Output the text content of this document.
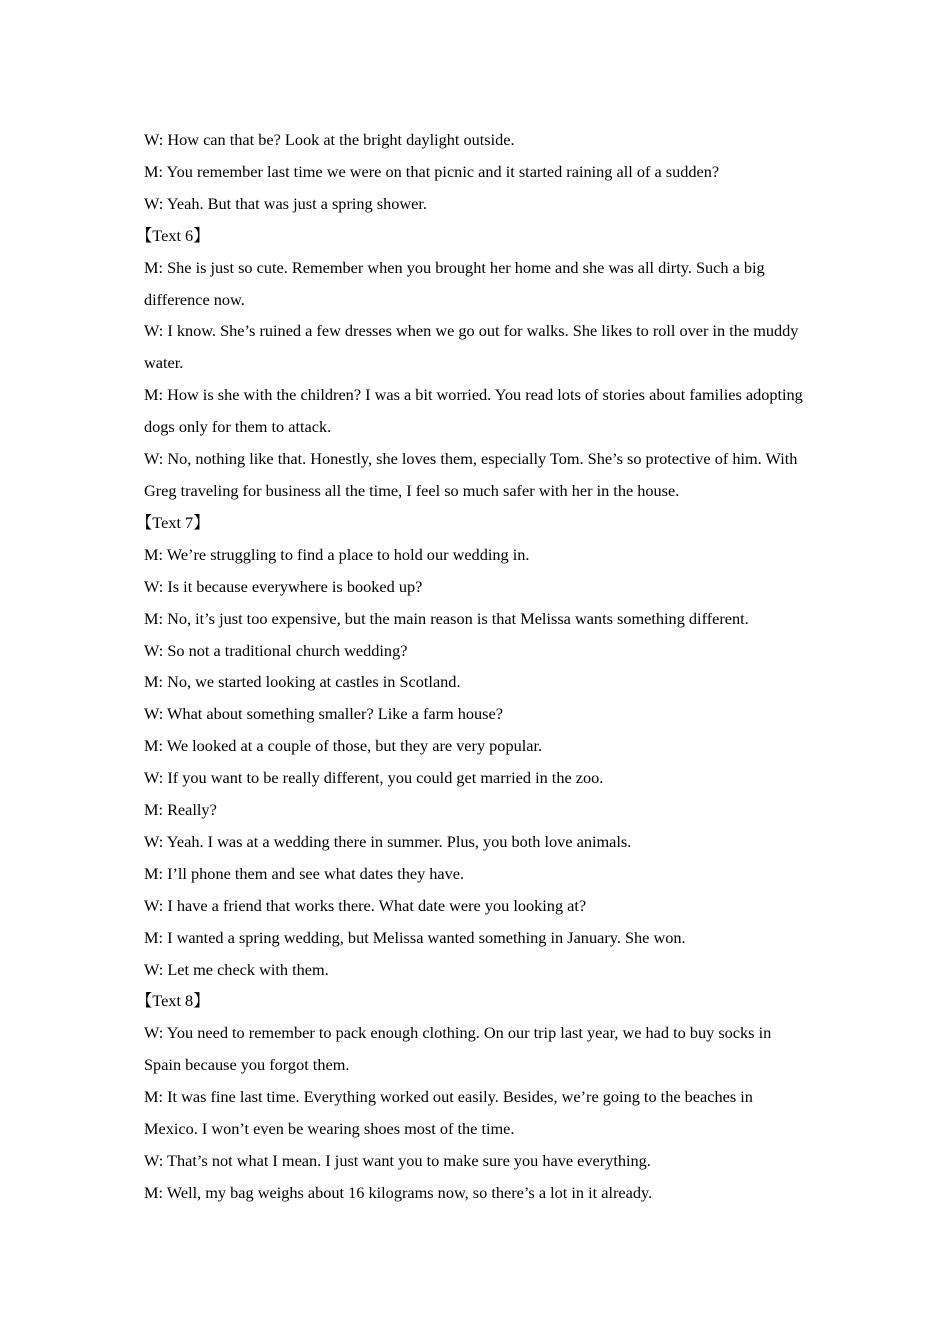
W: How can that be? Look at the bright daylight outside.

M: You remember last time we were on that picnic and it started raining all of a sudden?

W: Yeah. But that was just a spring shower.

【Text 6】

M: She is just so cute. Remember when you brought her home and she was all dirty. Such a big difference now.

W: I know. She’s ruined a few dresses when we go out for walks. She likes to roll over in the muddy water.

M: How is she with the children? I was a bit worried. You read lots of stories about families adopting dogs only for them to attack.

W: No, nothing like that. Honestly, she loves them, especially Tom. She’s so protective of him. With Greg traveling for business all the time, I feel so much safer with her in the house.

【Text 7】

M: We’re struggling to find a place to hold our wedding in.

W: Is it because everywhere is booked up?

M: No, it’s just too expensive, but the main reason is that Melissa wants something different.

W: So not a traditional church wedding?

M: No, we started looking at castles in Scotland.

W: What about something smaller? Like a farm house?

M: We looked at a couple of those, but they are very popular.

W: If you want to be really different, you could get married in the zoo.

M: Really?

W: Yeah. I was at a wedding there in summer. Plus, you both love animals.

M: I’ll phone them and see what dates they have.

W: I have a friend that works there. What date were you looking at?

M: I wanted a spring wedding, but Melissa wanted something in January. She won.

W: Let me check with them.

【Text 8】

W: You need to remember to pack enough clothing. On our trip last year, we had to buy socks in Spain because you forgot them.

M: It was fine last time. Everything worked out easily. Besides, we’re going to the beaches in Mexico. I won’t even be wearing shoes most of the time.

W: That’s not what I mean. I just want you to make sure you have everything.

M: Well, my bag weighs about 16 kilograms now, so there’s a lot in it already.
